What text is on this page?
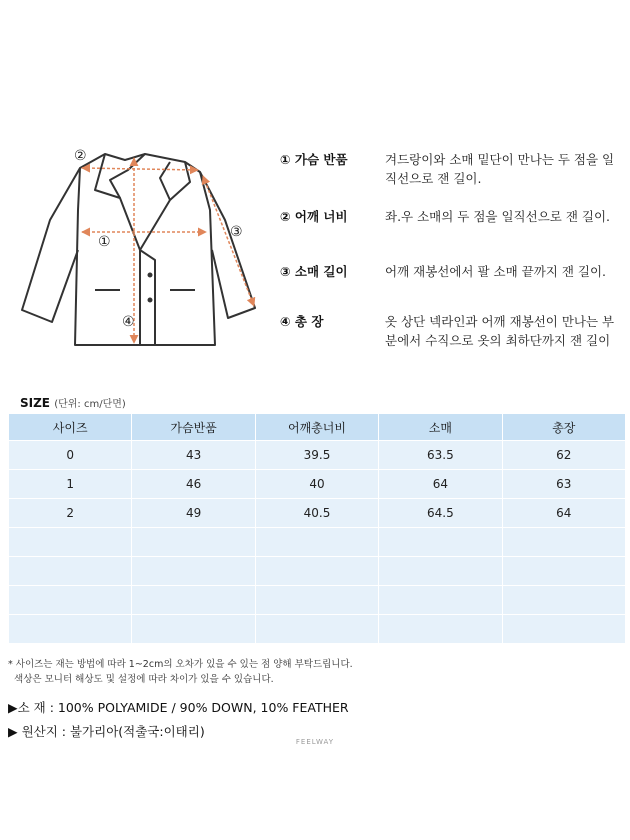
②
①
③
④
① 가슴 반품	겨드랑이와 소매 밑단이 만나는 두 점을 일직선으로 잰 길이.
② 어깨 너비	좌.우 소매의 두 점을 일직선으로 잰 길이.
③ 소매 길이	어깨 재봉선에서 팔 소매 끝까지 잰 길이.
④ 총 장	옷 상단 넥라인과 어깨 재봉선이 만나는 부분에서 수직으로 옷의 최하단까지 잰 길이
SIZE (단위: cm/단면)
사이즈	가슴반품	어깨총너비	소매	총장
0	43	39.5	63.5	62
1	46	40	64	63
2	49	40.5	64.5	64

* 사이즈는 재는 방법에 따라 1~2cm의 오차가 있을 수 있는 점 양해 부탁드립니다.
색상은 모니터 해상도 및 설정에 따라 차이가 있을 수 있습니다.
▶소 재 : 100% POLYAMIDE / 90% DOWN, 10% FEATHER
▶ 원산지 : 불가리아(적출국:이태리)
FEELWAY
